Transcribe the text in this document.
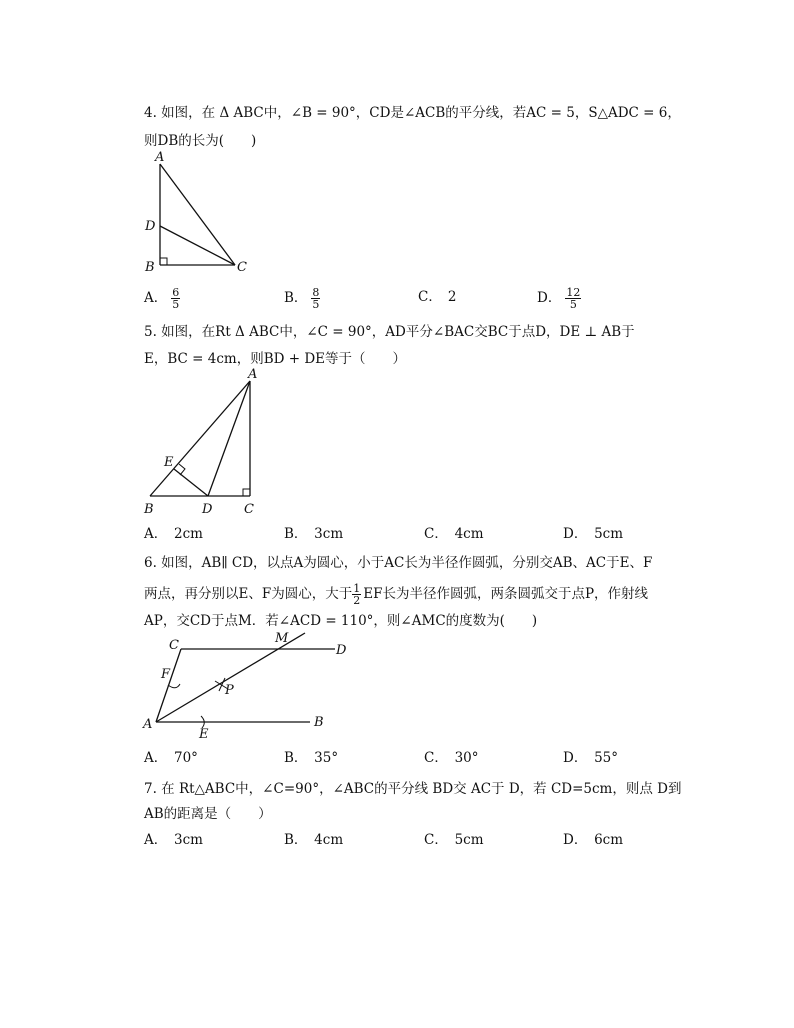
4. 如图，在 Δ ABC中，∠B = 90°，CD是∠ACB的平分线，若AC = 5，S△ADC = 6，
则DB的长为(　　)
A
D
B	C
A． $\frac{6}{5}$	B． $\frac{8}{5}$	C． 2	D． $\frac{12}{5}$
5. 如图，在Rt Δ ABC中，∠C = 90°，AD平分∠BAC交BC于点D，DE ⊥ AB于
E，BC = 4cm，则BD + DE等于（　　）
A
E
B	D C
A．　2cm	B．　3cm	C．　4cm	D．　5cm
6. 如图，AB∥ CD，以点A为圆心，小于AC长为半径作圆弧，分别交AB、AC于E、F
两点，再分别以E、F为圆心，大于 $\frac{1}{2}$ EF长为半径作圆弧，两条圆弧交于点P，作射线
AP，交CD于点M．若∠ACD = 110°，则∠AMC的度数为(　　)
C	M
D
F
P
A
E
B
A．　70°	B．　35°	C．　30°	D．　55°
7. 在 Rt△ABC中，∠C=90°，∠ABC的平分线 BD交 AC于 D，若 CD=5cm，则点 D到
AB的距离是（　　）
A．　3cm	B．　4cm	C．　5cm	D．　6cm
